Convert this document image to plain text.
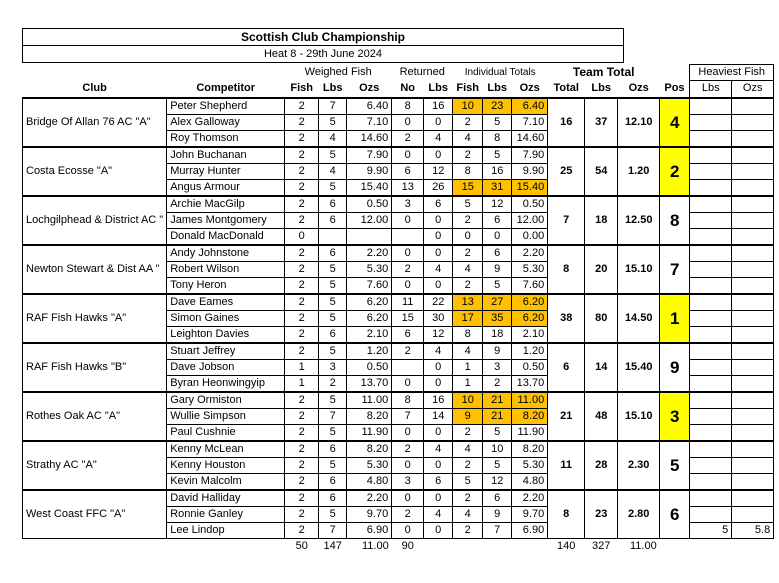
Scottish Club Championship
Heat 8 - 29th June 2024
		Weighed Fish			Returned		Individual Totals			Team Total				Heaviest Fish	
Club	Competitor	Fish	Lbs	Ozs	No	Lbs	Fish	Lbs	Ozs	Total	Lbs	Ozs	Pos	Lbs	Ozs
Bridge Of Allan 76 AC "A"	Peter Shepherd	2	7	6.40	8	16	10	23	6.40	16	37	12.10	4		
	Alex Galloway	2	5	7.10	0	0	2	5	7.10						
	Roy Thomson	2	4	14.60	2	4	4	8	14.60						
Costa Ecosse "A"	John Buchanan	2	5	7.90	0	0	2	5	7.90	25	54	1.20	2		
	Murray Hunter	2	4	9.90	6	12	8	16	9.90						
	Angus Armour	2	5	15.40	13	26	15	31	15.40						
Lochgilphead & District AC "	Archie MacGilp	2	6	0.50	3	6	5	12	0.50	7	18	12.50	8		
	James Montgomery	2	6	12.00	0	0	2	6	12.00						
	Donald MacDonald	0				0	0	0	0.00						
Newton Stewart & Dist AA "	Andy Johnstone	2	6	2.20	0	0	2	6	2.20	8	20	15.10	7		
	Robert Wilson	2	5	5.30	2	4	4	9	5.30						
	Tony Heron	2	5	7.60	0	0	2	5	7.60						
RAF Fish Hawks "A"	Dave Eames	2	5	6.20	11	22	13	27	6.20	38	80	14.50	1		
	Simon Gaines	2	5	6.20	15	30	17	35	6.20						
	Leighton Davies	2	6	2.10	6	12	8	18	2.10						
RAF Fish Hawks "B"	Stuart Jeffrey	2	5	1.20	2	4	4	9	1.20	6	14	15.40	9		
	Dave Jobson	1	3	0.50		0	1	3	0.50						
	Byran Heonwingyip	1	2	13.70	0	0	1	2	13.70						
Rothes Oak AC "A"	Gary Ormiston	2	5	11.00	8	16	10	21	11.00	21	48	15.10	3		
	Wullie Simpson	2	7	8.20	7	14	9	21	8.20						
	Paul Cushnie	2	5	11.90	0	0	2	5	11.90						
Strathy AC "A"	Kenny McLean	2	6	8.20	2	4	4	10	8.20	11	28	2.30	5		
	Kenny Houston	2	5	5.30	0	0	2	5	5.30						
	Kevin Malcolm	2	6	4.80	3	6	5	12	4.80						
West Coast FFC "A"	David Halliday	2	6	2.20	0	0	2	6	2.20	8	23	2.80	6		
	Ronnie Ganley	2	5	9.70	2	4	4	9	9.70						
	Lee Lindop	2	7	6.90	0	0	2	7	6.90					5	5.8
		50	147	11.00	90					140	327	11.00			
